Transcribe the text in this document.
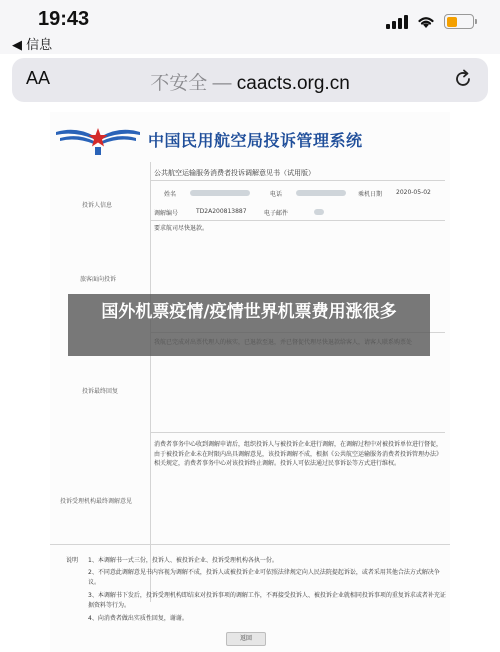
19:43
◀ 信息
AA	不安全 — caacts.org.cn
中国民用航空局投诉管理系统
公共航空运输服务消费者投诉调解意见书（试用版）
投诉人信息
姓名	电话	乘机日期 2020-05-02
调解编号	TD2A200813887	电子邮件
要求航司尽快退款。
旅客面向投诉
投诉最终回复
消费者事务中心收到调解申请后，组织投诉人与被投诉企业进行调解，在调解过程中对被投诉单位进行督促，由于被投诉企业未在时限内出具调解意见，该投诉调解不成，根据《公共航空运输服务消费者投诉管理办法》相关规定，消费者事务中心对该投诉终止调解。投诉人可依法通过民事诉讼等方式进行维权。
投诉受理机构最终调解意见
说明 1、本调解书一式三份，投诉人、被投诉企业、投诉受理机构各执一份。
2、不同意此调解意见书内容视为调解不成，投诉人或被投诉企业可依照法律规定向人民法院提起诉讼，或者采用其他合法方式解决争议。
3、本调解书下发后，投诉受理机构即结束对投诉事项的调解工作，不再接受投诉人、被投诉企业就相同投诉事项的重复诉求或者补充证据资料等行为。
4、向消费者做出实质性回复，谢谢。
返回
国外机票疫情/疫情世界机票费用涨很多
